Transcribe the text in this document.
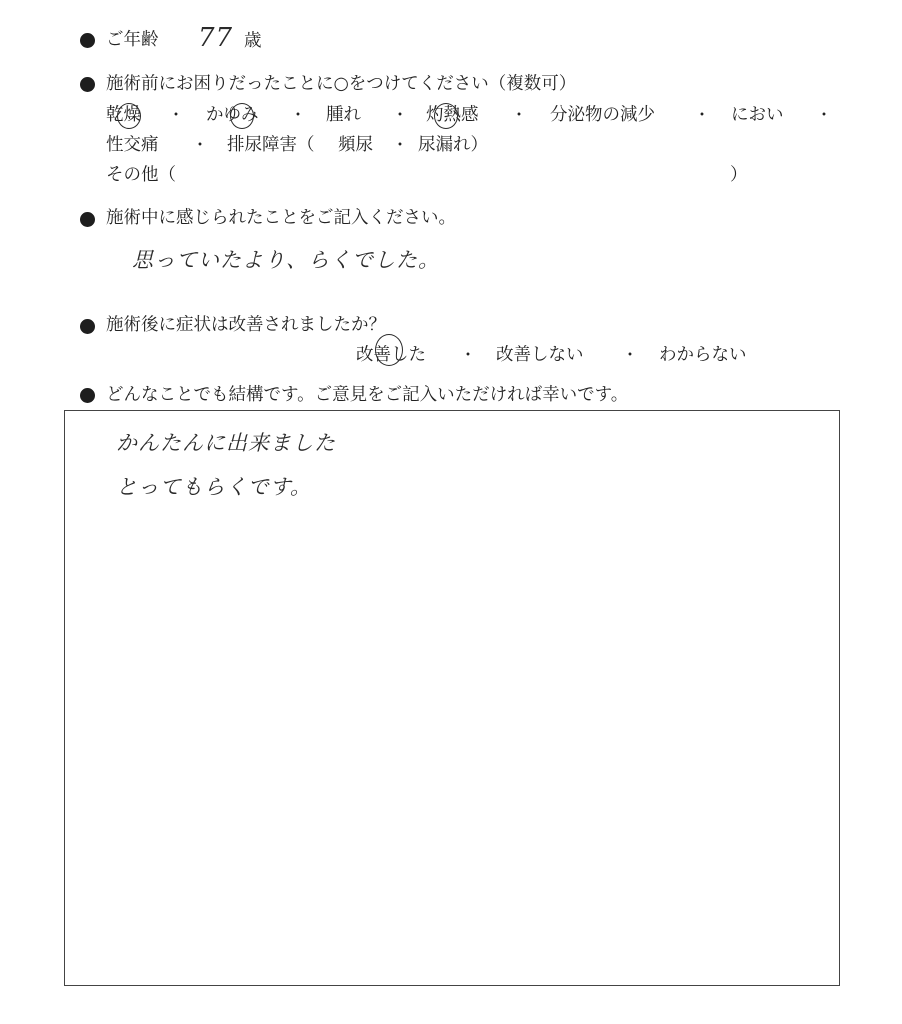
ご年齢 77 歳
施術前にお困りだったことに○をつけてください（複数可）
乾燥 ・ かゆみ ・ 腫れ ・ 灼熱感 ・ 分泌物の減少 ・ におい ・
性交痛 ・ 排尿障害（ 頻尿 ・ 尿漏れ）
その他（	）
施術中に感じられたことをご記入ください。
思っていたより、らくでした。
施術後に症状は改善されましたか？
改善した ・ 改善しない ・ わからない
どんなことでも結構です。ご意見をご記入いただければ幸いです。
かんたんに出来ました
とってもらくです。
